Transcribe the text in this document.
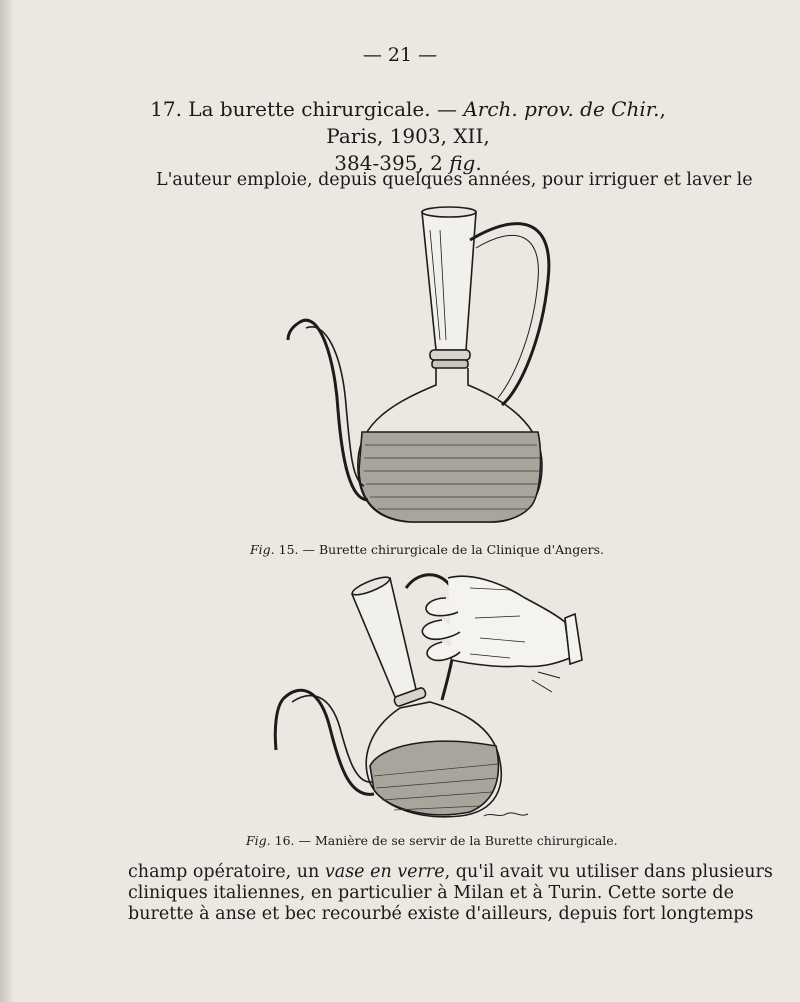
— 21 —
17. La burette chirurgicale. — Arch. prov. de Chir., Paris, 1903, XII,
384-395, 2 fig.
L'auteur emploie, depuis quelques années, pour irriguer et laver le
Fig. 15. — Burette chirurgicale de la Clinique d'Angers.
Fig. 16. — Manière de se servir de la Burette chirurgicale.
champ opératoire, un vase en verre, qu'il avait vu utiliser dans plusieurs
cliniques italiennes, en particulier à Milan et à Turin. Cette sorte de
burette à anse et bec recourbé existe d'ailleurs, depuis fort longtemps
